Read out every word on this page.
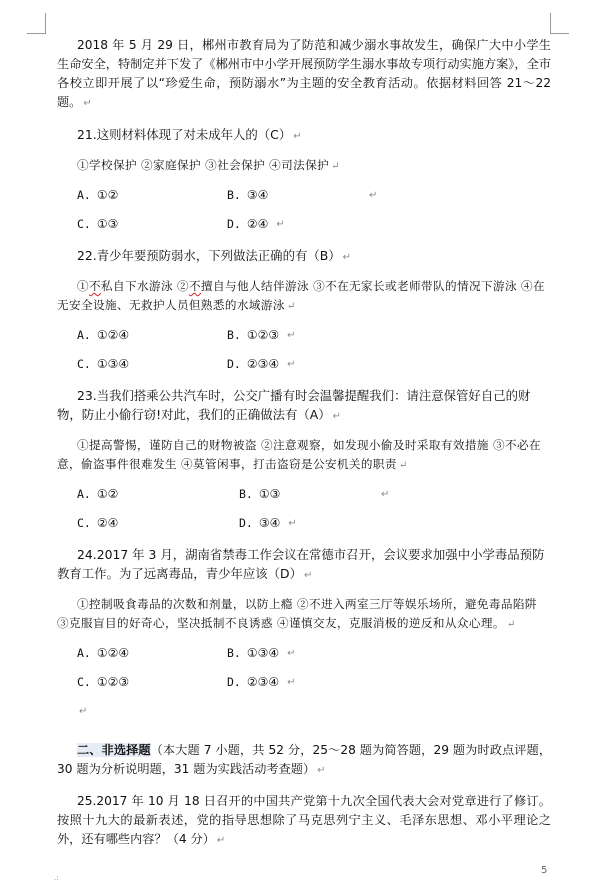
2018 年 5 月 29 日，郴州市教育局为了防范和减少溺水事故发生，确保广大中小学生生命安全，特制定并下发了《郴州市中小学开展预防学生溺水事故专项行动实施方案》，全市各校立即开展了以“珍爱生命，预防溺水”为主题的安全教育活动。依据材料回答 21～22 题。 ↵

21.这则材料体现了对未成年人的（C） ↵

①学校保护 ②家庭保护 ③社会保护 ④司法保护 ↵

A. ①②	B. ③④	↵
C. ①③	D. ②④ ↵

22.青少年要预防弱水，下列做法正确的有（B） ↵

①不私自下水游泳 ②不擅自与他人结伴游泳 ③不在无家长或老师带队的情况下游泳 ④在无安全设施、无救护人员但熟悉的水域游泳 ↵

A. ①②④	B. ①②③ ↵
C. ①③④	D. ②③④ ↵

23.当我们搭乘公共汽车时，公交广播有时会温馨提醒我们：请注意保管好自己的财物，防止小偷行窃!对此，我们的正确做法有（A） ↵

①提高警惕，谨防自己的财物被盗 ②注意观察，如发现小偷及时采取有效措施 ③不必在意，偷盗事件很难发生 ④莫管闲事，打击盗窃是公安机关的职责 ↵

A. ①②	B. ①③	↵
C. ②④	D. ③④ ↵

24.2017 年 3 月，湖南省禁毒工作会议在常德市召开，会议要求加强中小学毒品预防教育工作。为了远离毒品，青少年应该（D） ↵

①控制吸食毒品的次数和剂量，以防上瘾 ②不进入两室三厅等娱乐场所，避免毒品陷阱 ③克服盲目的好奇心，坚决抵制不良诱惑 ④谨慎交友，克服消极的逆反和从众心理。 ↵

A. ①②④	B. ①③④ ↵
C. ①②③	D. ②③④ ↵
↵

二、非选择题（本大题 7 小题，共 52 分，25～28 题为简答题，29 题为时政点评题，30 题为分析说明题，31 题为实践活动考查题） ↵

25.2017 年 10 月 18 日召开的中国共产党第十九次全国代表大会对党章进行了修订。按照十九大的最新表述，党的指导思想除了马克思列宁主义、毛泽东思想、邓小平理论之外，还有哪些内容？（4 分） ↵

5
.:
